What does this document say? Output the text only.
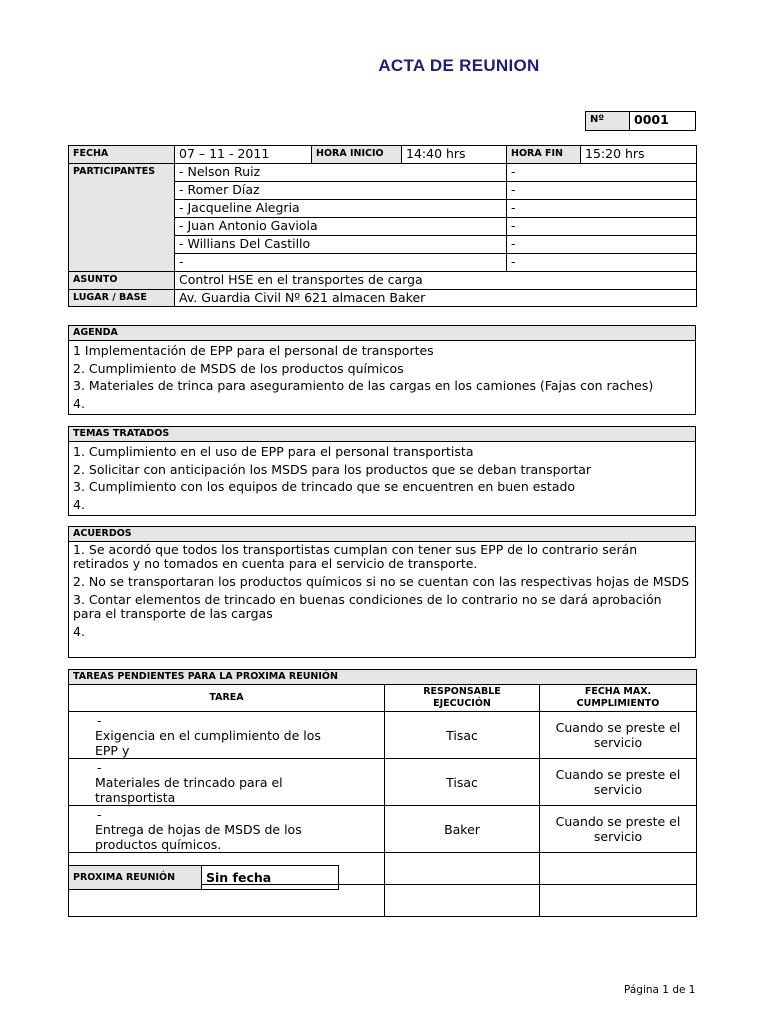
ACTA DE REUNION
Nº	0001
FECHA	07 – 11 - 2011	HORA INICIO	14:40 hrs	HORA FIN	15:20 hrs
PARTICIPANTES	- Nelson Ruiz			-	
	- Romer Díaz			-	
	- Jacqueline Alegria			-	
	- Juan Antonio Gaviola			-	
	- Willians Del Castillo			-	
	-			-	
ASUNTO	Control HSE en el transportes de carga				
LUGAR / BASE	Av. Guardia Civil Nº 621 almacen Baker				
AGENDA

1 Implementación de EPP para el personal de transportes
2. Cumplimiento de MSDS de los productos químicos
3. Materiales de trinca para aseguramiento de las cargas en los camiones (Fajas con raches)
4.
TEMAS TRATADOS

1. Cumplimiento en el uso de EPP para el personal transportista
2. Solicitar con anticipación los MSDS para los productos que se deban transportar
3. Cumplimiento con los equipos de trincado que se encuentren en buen estado
4.
ACUERDOS

1. Se acordó que todos los transportistas cumplan con tener sus EPP de lo contrario serán retirados y no tomados en cuenta para el servicio de transporte.
2. No se transportaran los productos químicos si no se cuentan con las respectivas hojas de MSDS
3. Contar elementos de trincado en buenas condiciones de lo contrario no se dará aprobación para el transporte de las cargas
4.
TAREAS PENDIENTES PARA LA PROXIMA REUNIÓN		
TAREA	RESPONSABLE EJECUCIÓN	FECHA MAX. CUMPLIMIENTO
-Exigencia en el cumplimiento de los EPP y	Tisac	Cuando se preste el servicio
-Materiales de trincado para el transportista	Tisac	Cuando se preste el servicio
-Entrega de hojas de MSDS de los productos químicos.	Baker	Cuando se preste el servicio

PROXIMA REUNIÓN	Sin fecha
Página 1 de 1
